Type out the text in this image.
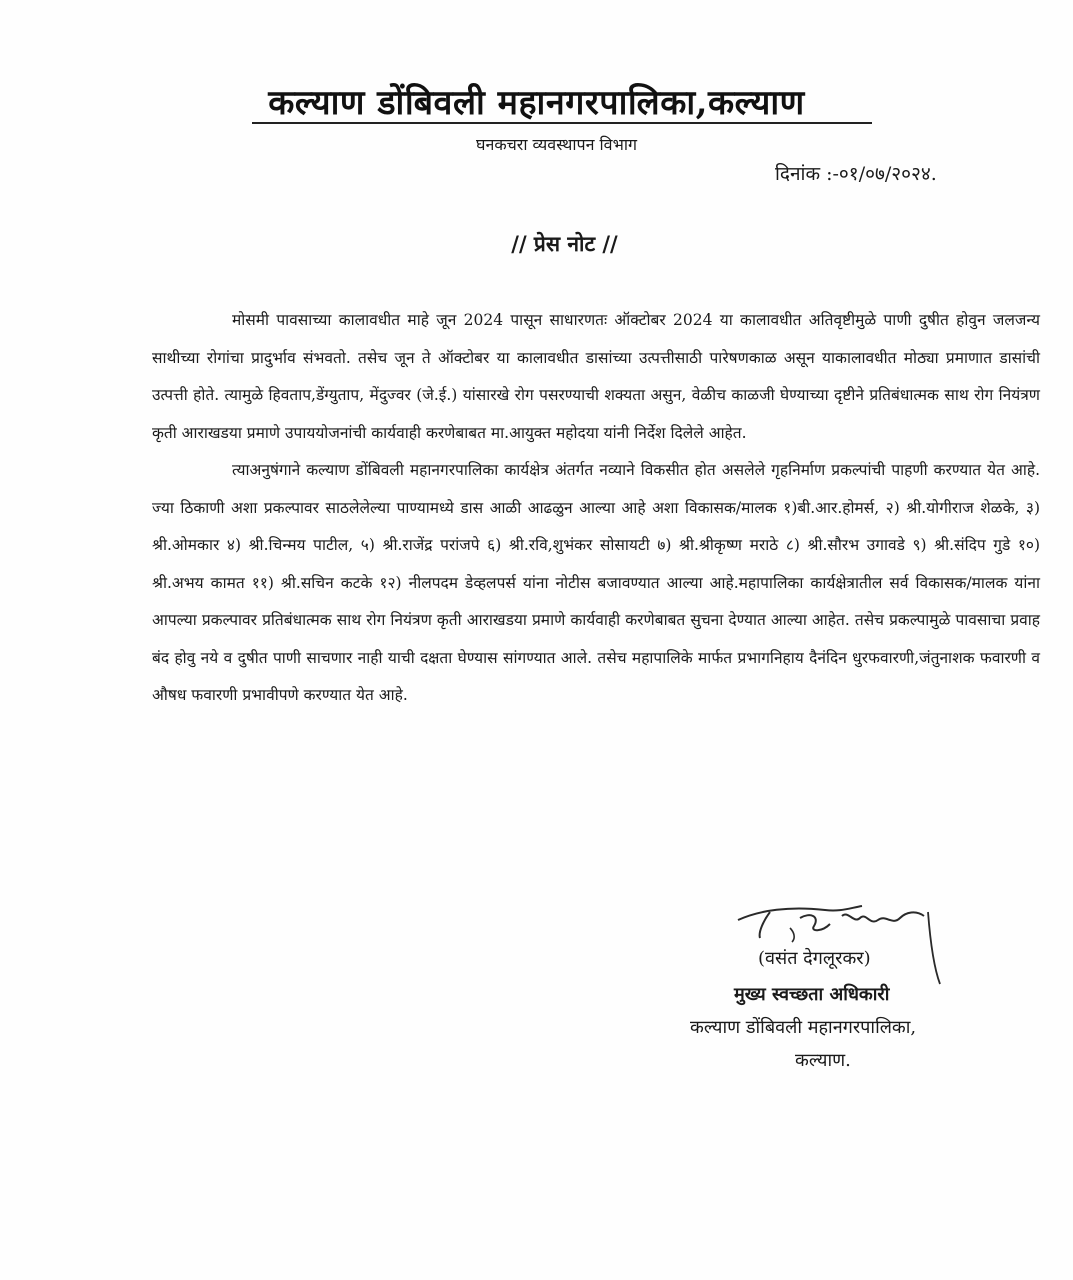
कल्याण डोंबिवली महानगरपालिका,कल्याण
घनकचरा व्यवस्थापन विभाग
दिनांक :-०१/०७/२०२४.
// प्रेस नोट //

मोसमी पावसाच्या कालावधीत माहे जून 2024 पासून साधारणतः ऑक्टोबर 2024 या कालावधीत अतिवृष्टीमुळे पाणी दुषीत होवुन जलजन्य साथीच्या रोगांचा प्रादुर्भाव संभवतो. तसेच जून ते ऑक्टोबर या कालावधीत डासांच्या उत्पत्तीसाठी पारेषणकाळ असून याकालावधीत मोठ्या प्रमाणात डासांची उत्पत्ती होते. त्यामुळे हिवताप,डेंग्युताप, मेंदुज्वर (जे.ई.) यांसारखे रोग पसरण्याची शक्यता असुन, वेळीच काळजी घेण्याच्या दृष्टीने प्रतिबंधात्मक साथ रोग नियंत्रण कृती आराखडया प्रमाणे उपाययोजनांची कार्यवाही करणेबाबत मा.आयुक्त महोदया यांनी निर्देश दिलेले आहेत.

त्याअनुषंगाने कल्याण डोंबिवली महानगरपालिका कार्यक्षेत्र अंतर्गत नव्याने विकसीत होत असलेले गृहनिर्माण प्रकल्पांची पाहणी करण्यात येत आहे. ज्या ठिकाणी अशा प्रकल्पावर साठलेलेल्या पाण्यामध्ये डास आळी आढळुन आल्या आहे अशा विकासक/मालक १)बी.आर.होमर्स, २) श्री.योगीराज शेळके, ३) श्री.ओमकार ४) श्री.चिन्मय पाटील, ५) श्री.राजेंद्र परांजपे ६) श्री.रवि,शुभंकर सोसायटी ७) श्री.श्रीकृष्ण मराठे ८) श्री.सौरभ उगावडे ९) श्री.संदिप गुडे १०) श्री.अभय कामत ११) श्री.सचिन कटके १२) नीलपदम डेव्हलपर्स यांना नोटीस बजावण्यात आल्या आहे.महापालिका कार्यक्षेत्रातील सर्व विकासक/मालक यांना आपल्या प्रकल्पावर प्रतिबंधात्मक साथ रोग नियंत्रण कृती आराखडया प्रमाणे कार्यवाही करणेबाबत सुचना देण्यात आल्या आहेत. तसेच प्रकल्पामुळे पावसाचा प्रवाह बंद होवु नये व दुषीत पाणी साचणार नाही याची दक्षता घेण्यास सांगण्यात आले. तसेच महापालिके मार्फत प्रभागनिहाय दैनंदिन धुरफवारणी,जंतुनाशक फवारणी व औषध फवारणी प्रभावीपणे करण्यात येत आहे.

(वसंत देगलूरकर)
मुख्य स्वच्छता अधिकारी
कल्याण डोंबिवली महानगरपालिका,
कल्याण.
